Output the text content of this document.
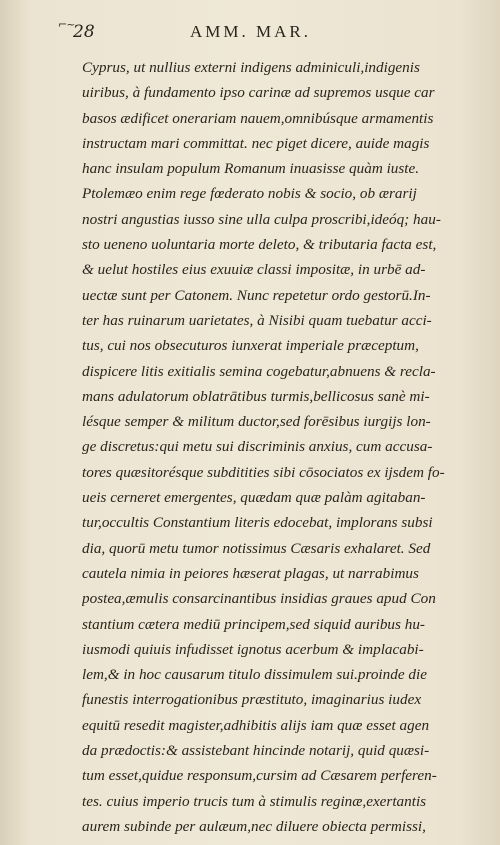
⌐~
28	AMM. MAR.
Cyprus, ut nullius externi indigens adminiculi,indigenis
uiribus, à fundamento ipso carinæ ad supremos usque car
basos ædificet onerariam nauem,omnibúsque armamentis
instructam mari committat. nec piget dicere, auide magis
hanc insulam populum Romanum inuasisse quàm iuste.
Ptolemæo enim rege fœderato nobis & socio, ob ærarij
nostri angustias iusso sine ulla culpa proscribi,ideóq; hau-
sto ueneno uoluntaria morte deleto, & tributaria facta est,
& uelut hostiles eius exuuiæ classi impositæ, in urbē ad-
uectæ sunt per Catonem. Nunc repetetur ordo gestorū.In-
ter has ruinarum uarietates, à Nisibi quam tuebatur acci-
tus, cui nos obsecuturos iunxerat imperiale præceptum,
dispicere litis exitialis semina cogebatur,abnuens & recla-
mans adulatorum oblatrātibus turmis,bellicosus sanè mi-
lésque semper & militum ductor,sed forēsibus iurgijs lon-
ge discretus:qui metu sui discriminis anxius, cum accusa-
tores quæsitorésque subditities sibi cōsociatos ex ijsdem fo-
ueis cerneret emergentes, quædam quæ palàm agitaban-
tur,occultis Constantium literis edocebat, implorans subsi
dia, quorū metu tumor notissimus Cæsaris exhalaret. Sed
cautela nimia in peiores hæserat plagas, ut narrabimus
postea,æmulis consarcinantibus insidias graues apud Con
stantium cætera mediū principem,sed siquid auribus hu-
iusmodi quiuis infudisset ignotus acerbum & implacabi-
lem,& in hoc causarum titulo dissimulem sui.proinde die
funestis interrogationibus præstituto, imaginarius iudex
equitū resedit magister,adhibitis alijs iam quæ esset agen
da prædoctis:& assistebant hincinde notarij, quid quæsi-
tum esset,quidue responsum,cursim ad Cæsarem perferen-
tes. cuius imperio trucis tum à stimulis reginæ,exertantis
aurem subinde per aulæum,nec diluere obiecta permissi,
